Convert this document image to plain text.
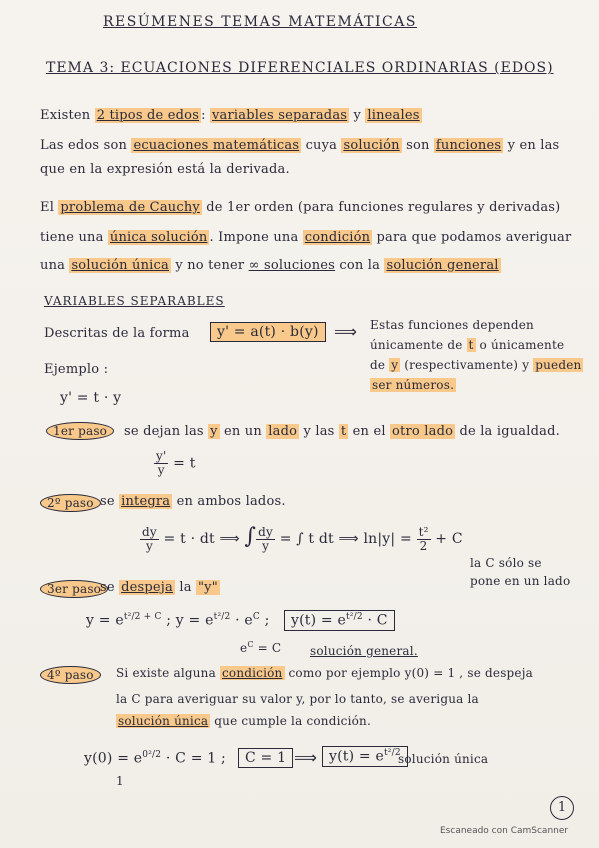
RESÚMENES TEMAS MATEMÁTICAS
TEMA 3: ECUACIONES DIFERENCIALES ORDINARIAS (EDOS)
Existen 2 tipos de edos : variables separadas y lineales
Las edos son ecuaciones matemáticas cuya solución son funciones y en las
que en la expresión está la derivada.
El problema de Cauchy de 1er orden (para funciones regulares y derivadas)
tiene una única solución . Impone una condición para que podamos averiguar
una solución única y no tener ∞ soluciones con la solución general
VARIABLES SEPARABLES
Descritas de la forma	y' = a(t) · b(y) ⟹ Estas funciones dependen
únicamente de t o únicamente
de y (respectivamente) y pueden
ser números.
Ejemplo :
y' = t · y
1er paso	se dejan las y en un lado y las t en el otro lado de la igualdad.
$\frac{y'}{y} = t$
2º paso se integra en ambos lados.
$\frac{dy}{y} = t$ · dt ⟹ ∫ $\frac{dy}{y}$ = ∫ t dt ⟹ $\ln|y| = \frac{\text{t²}}{2} + C$
la C sólo se
pone en un lado
3er paso
se despeja la "y"
$y = e^{t^2/2 + C}$ ; $y = e^{t^2/2} \cdot e^C$ ;	$y(t) = e^{t^2/2} \cdot C$
$e^C = C$ solución general.
4º paso	Si existe alguna condición como por ejemplo y(0) = 1 , se despeja
la C para averiguar su valor y, por lo tanto, se averigua la
solución única que cumple la condición.
$y(0) = e^{0^2/2} \cdot C = 1$ ;	C = 1 ⟹ $y(t) = e^{t^2/2}$
solución única
1
1
Escaneado con CamScanner
